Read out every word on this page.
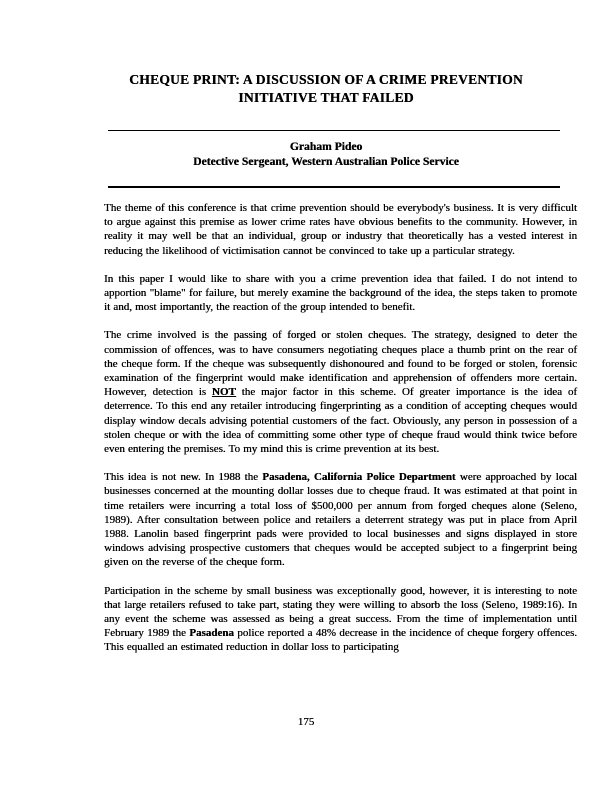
CHEQUE PRINT: A DISCUSSION OF A CRIME PREVENTION
INITIATIVE THAT FAILED
Graham Pideo
Detective Sergeant, Western Australian Police Service

The theme of this conference is that crime prevention should be everybody's business. It is very difficult to argue against this premise as lower crime rates have obvious benefits to the community. However, in reality it may well be that an individual, group or industry that theoretically has a vested interest in reducing the likelihood of victimisation cannot be convinced to take up a particular strategy.

In this paper I would like to share with you a crime prevention idea that failed. I do not intend to apportion "blame" for failure, but merely examine the background of the idea, the steps taken to promote it and, most importantly, the reaction of the group intended to benefit.

The crime involved is the passing of forged or stolen cheques. The strategy, designed to deter the commission of offences, was to have consumers negotiating cheques place a thumb print on the rear of the cheque form. If the cheque was subsequently dishonoured and found to be forged or stolen, forensic examination of the fingerprint would make identification and apprehension of offenders more certain. However, detection is NOT the major factor in this scheme. Of greater importance is the idea of deterrence. To this end any retailer introducing fingerprinting as a condition of accepting cheques would display window decals advising potential customers of the fact. Obviously, any person in possession of a stolen cheque or with the idea of committing some other type of cheque fraud would think twice before even entering the premises. To my mind this is crime prevention at its best.

This idea is not new. In 1988 the Pasadena, California Police Department were approached by local businesses concerned at the mounting dollar losses due to cheque fraud. It was estimated at that point in time retailers were incurring a total loss of $500,000 per annum from forged cheques alone (Seleno, 1989). After consultation between police and retailers a deterrent strategy was put in place from April 1988. Lanolin based fingerprint pads were provided to local businesses and signs displayed in store windows advising prospective customers that cheques would be accepted subject to a fingerprint being given on the reverse of the cheque form.

Participation in the scheme by small business was exceptionally good, however, it is interesting to note that large retailers refused to take part, stating they were willing to absorb the loss (Seleno, 1989:16). In any event the scheme was assessed as being a great success. From the time of implementation until February 1989 the Pasadena police reported a 48% decrease in the incidence of cheque forgery offences. This equalled an estimated reduction in dollar loss to participating

175
